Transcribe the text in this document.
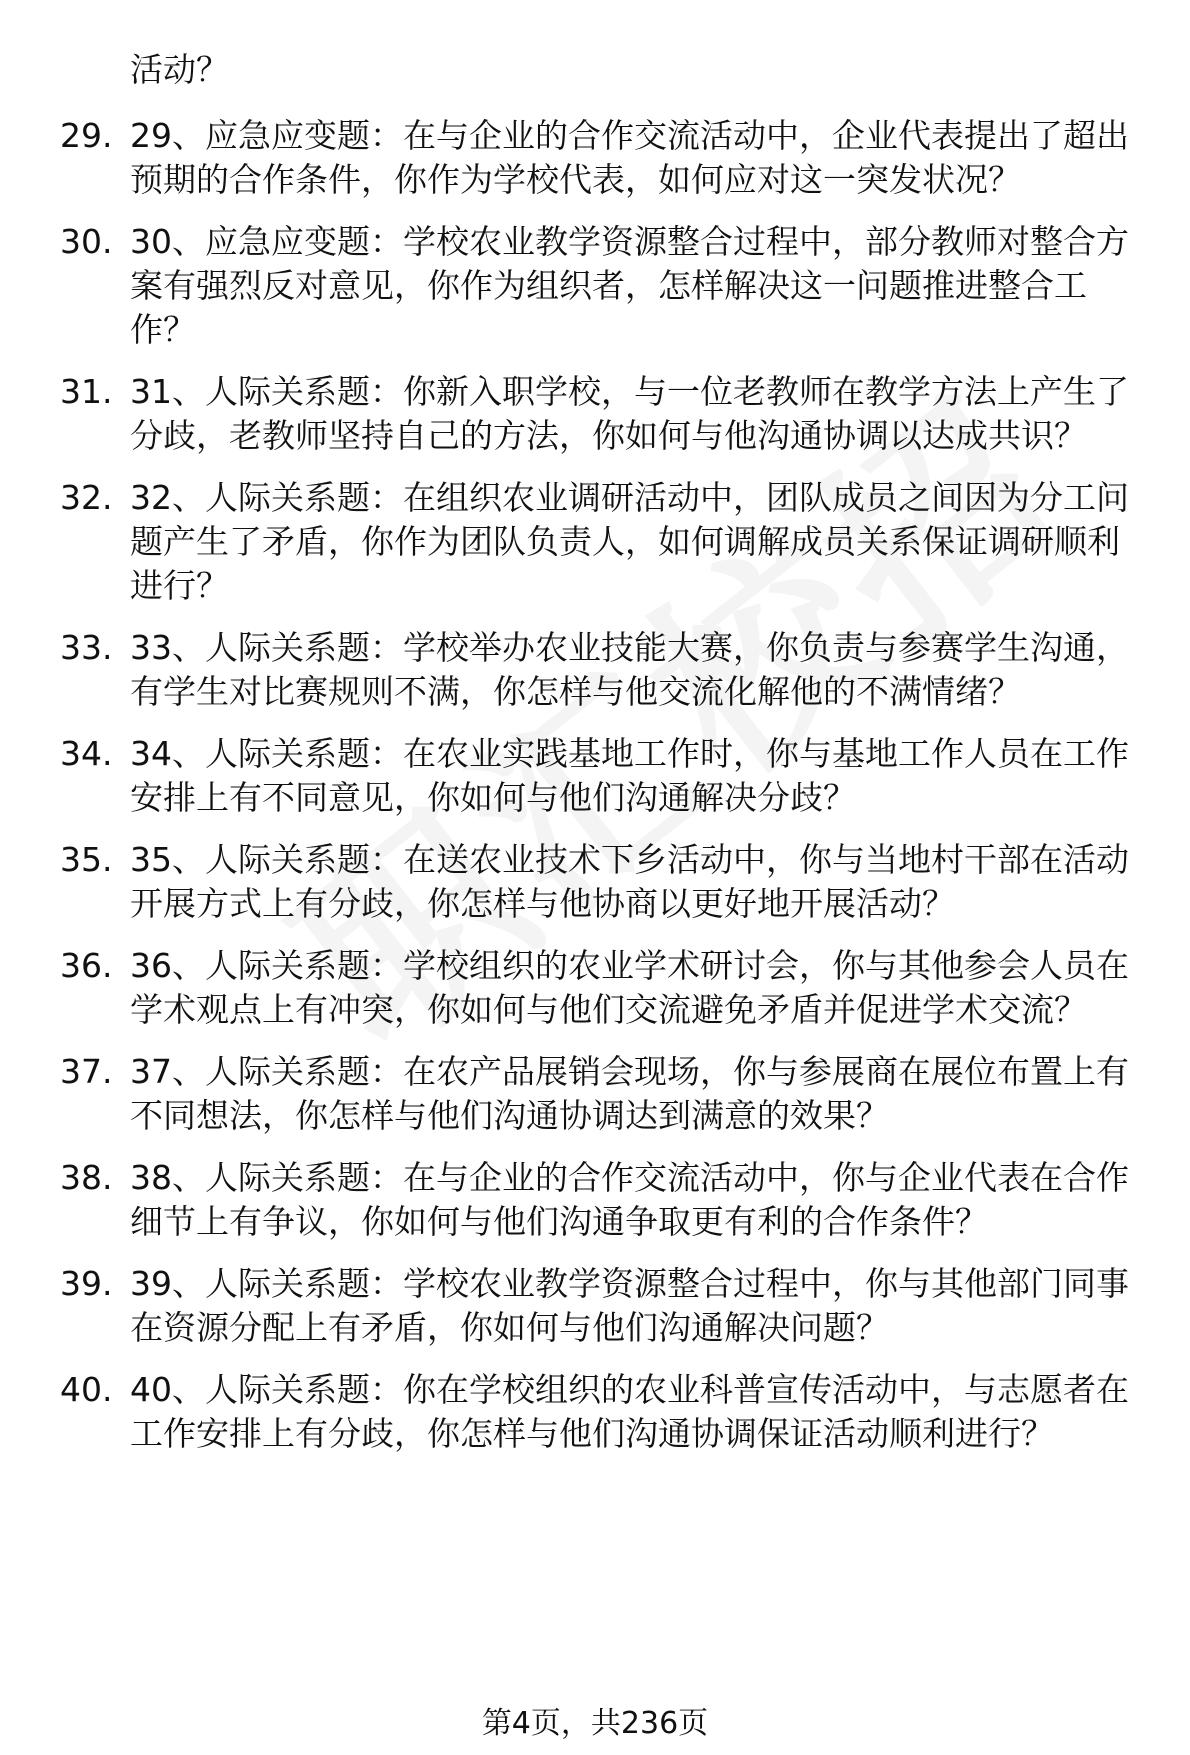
活动？
29. 29、应急应变题：在与企业的合作交流活动中，企业代表提出了超出预期的合作条件，你作为学校代表，如何应对这一突发状况？
30. 30、应急应变题：学校农业教学资源整合过程中，部分教师对整合方案有强烈反对意见，你作为组织者，怎样解决这一问题推进整合工作？
31. 31、人际关系题：你新入职学校，与一位老教师在教学方法上产生了分歧，老教师坚持自己的方法，你如何与他沟通协调以达成共识？
32. 32、人际关系题：在组织农业调研活动中，团队成员之间因为分工问题产生了矛盾，你作为团队负责人，如何调解成员关系保证调研顺利进行？
33. 33、人际关系题：学校举办农业技能大赛，你负责与参赛学生沟通，有学生对比赛规则不满，你怎样与他交流化解他的不满情绪？
34. 34、人际关系题：在农业实践基地工作时，你与基地工作人员在工作安排上有不同意见，你如何与他们沟通解决分歧？
35. 35、人际关系题：在送农业技术下乡活动中，你与当地村干部在活动开展方式上有分歧，你怎样与他协商以更好地开展活动？
36. 36、人际关系题：学校组织的农业学术研讨会，你与其他参会人员在学术观点上有冲突，你如何与他们交流避免矛盾并促进学术交流？
37. 37、人际关系题：在农产品展销会现场，你与参展商在展位布置上有不同想法，你怎样与他们沟通协调达到满意的效果？
38. 38、人际关系题：在与企业的合作交流活动中，你与企业代表在合作细节上有争议，你如何与他们沟通争取更有利的合作条件？
39. 39、人际关系题：学校农业教学资源整合过程中，你与其他部门同事在资源分配上有矛盾，你如何与他们沟通解决问题？
40. 40、人际关系题：你在学校组织的农业科普宣传活动中，与志愿者在工作安排上有分歧，你怎样与他们沟通协调保证活动顺利进行？
第4页，共236页
